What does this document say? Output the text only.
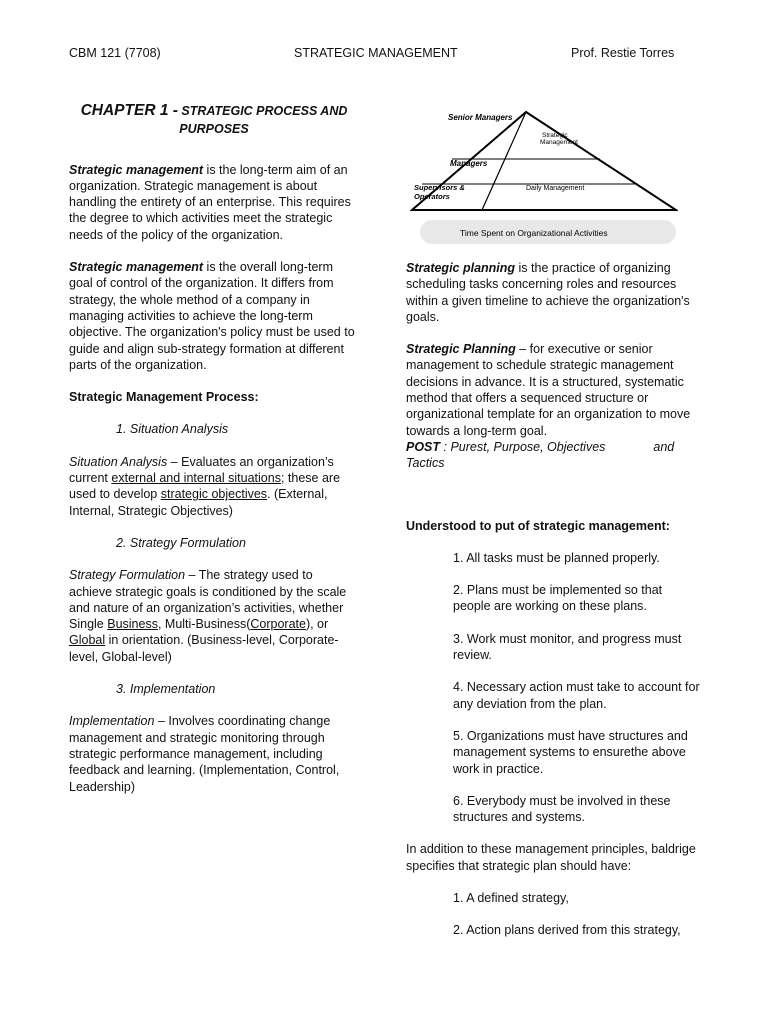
CBM 121 (7708)	STRATEGIC MANAGEMENT	Prof. Restie Torres
CHAPTER 1 - STRATEGIC PROCESS AND
PURPOSES

Strategic management is the long-term aim of an organization. Strategic management is about handling the entirety of an enterprise. This requires the degree to which activities meet the strategic needs of the policy of the organization.

Strategic management is the overall long-term goal of control of the organization. It differs from strategy, the whole method of a company in managing activities to achieve the long-term objective. The organization's policy must be used to guide and align sub-strategy formation at different parts of the organization.

Strategic Management Process:

1. Situation Analysis

Situation Analysis – Evaluates an organization’s current external and internal situations; these are used to develop strategic objectives. (External, Internal, Strategic Objectives)

2. Strategy Formulation

Strategy Formulation – The strategy used to achieve strategic goals is conditioned by the scale and nature of an organization’s activities, whether Single Business, Multi-Business(Corporate), or Global in orientation. (Business-level, Corporate-level, Global-level)

3. Implementation

Implementation – Involves coordinating change management and strategic monitoring through strategic performance management, including feedback and learning. (Implementation, Control, Leadership)

Senior Managers
Strategic
Management
Managers
Supervisors &
Operators
Daily Management
Time Spent on Organizational Activities

Strategic planning is the practice of organizing scheduling tasks concerning roles and resources within a given timeline to achieve the organization's goals.

Strategic Planning – for executive or senior management to schedule strategic management decisions in advance. It is a structured, systematic method that offers a sequenced structure or organizational template for an organization to move towards a long-term goal.

POST : Purest, Purpose, Objectives	and
Tactics

Understood to put of strategic management:

1. All tasks must be planned properly.

2. Plans must be implemented so that people are working on these plans.

3. Work must monitor, and progress must review.

4. Necessary action must take to account for any deviation from the plan.

5. Organizations must have structures and management systems to ensurethe above work in practice.

6. Everybody must be involved in these structures and systems.

In addition to these management principles, baldrige specifies that strategic plan should have:

1. A defined strategy,

2. Action plans derived from this strategy,
